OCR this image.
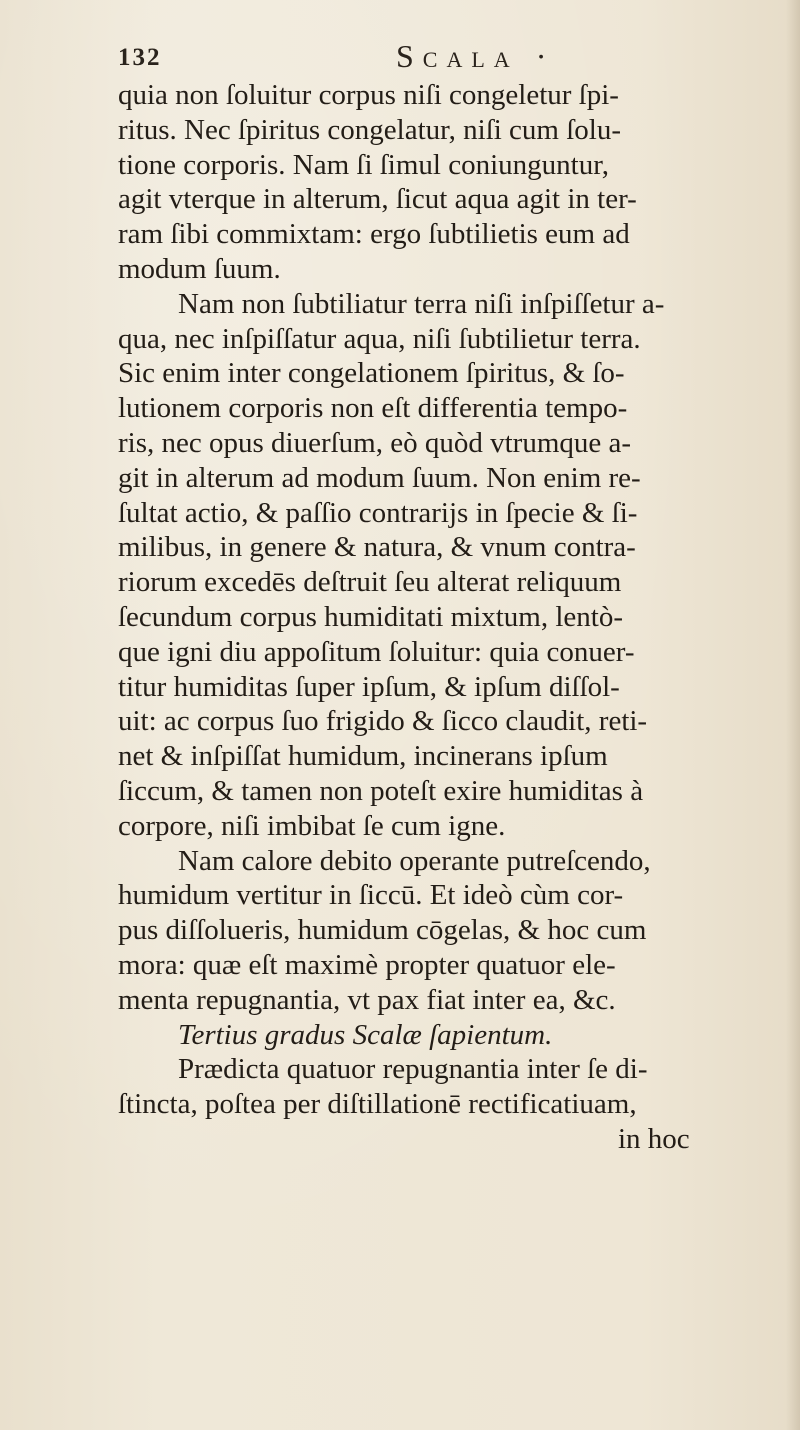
132	Scala ·
quia non ſoluitur corpus niſi congeletur ſpi-
ritus. Nec ſpiritus congelatur, niſi cum ſolu-
tione corporis. Nam ſi ſimul coniunguntur,
agit vterque in alterum, ſicut aqua agit in ter-
ram ſibi commixtam: ergo ſubtilietis eum ad
modum ſuum.
Nam non ſubtiliatur terra niſi inſpiſſetur a-
qua, nec inſpiſſatur aqua, niſi ſubtilietur terra.
Sic enim inter congelationem ſpiritus, & ſo-
lutionem corporis non eſt differentia tempo-
ris, nec opus diuerſum, eò quòd vtrumque a-
git in alterum ad modum ſuum. Non enim re-
ſultat actio, & paſſio contrarijs in ſpecie & ſi-
milibus, in genere & natura, & vnum contra-
riorum excedēs deſtruit ſeu alterat reliquum
ſecundum corpus humiditati mixtum, lentò-
que igni diu appoſitum ſoluitur: quia conuer-
titur humiditas ſuper ipſum, & ipſum diſſol-
uit: ac corpus ſuo frigido & ſicco claudit, reti-
net & inſpiſſat humidum, incinerans ipſum
ſiccum, & tamen non poteſt exire humiditas à
corpore, niſi imbibat ſe cum igne.
Nam calore debito operante putreſcendo,
humidum vertitur in ſiccū. Et ideò cùm cor-
pus diſſolueris, humidum cōgelas, & hoc cum
mora: quæ eſt maximè propter quatuor ele-
menta repugnantia, vt pax fiat inter ea, &c.
Tertius gradus Scalæ ſapientum.
Prædicta quatuor repugnantia inter ſe di-
ſtincta, poſtea per diſtillationē rectificatiuam,
in hoc
